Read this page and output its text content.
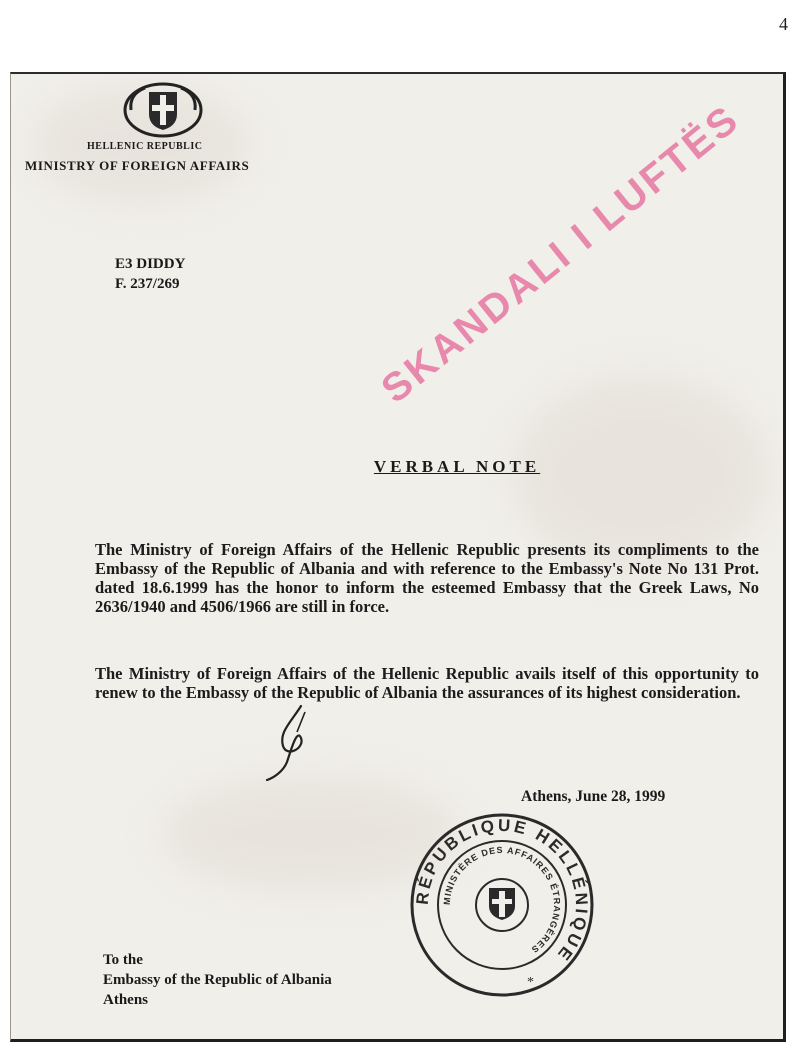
4
HELLENIC REPUBLIC
MINISTRY OF FOREIGN AFFAIRS
E3 DIDDY
F. 237/269	SKANDALI I LUFTËS
VERBAL NOTE
The Ministry of Foreign Affairs of the Hellenic Republic presents its compliments to the Embassy of the Republic of Albania and with reference to the Embassy's Note No 131 Prot. dated 18.6.1999 has the honor to inform the esteemed Embassy that the Greek Laws, No 2636/1940 and 4506/1966 are still in force.
The Ministry of Foreign Affairs of the Hellenic Republic avails itself of this opportunity to renew to the Embassy of the Republic of Albania the assurances of its highest consideration.
Athens, June 28, 1999
RÉPUBLIQUE HELLÉNIQUE
MINISTÈRE DES AFFAIRES ÉTRANGÈRES
*
To the
Embassy of the Republic of Albania
Athens
